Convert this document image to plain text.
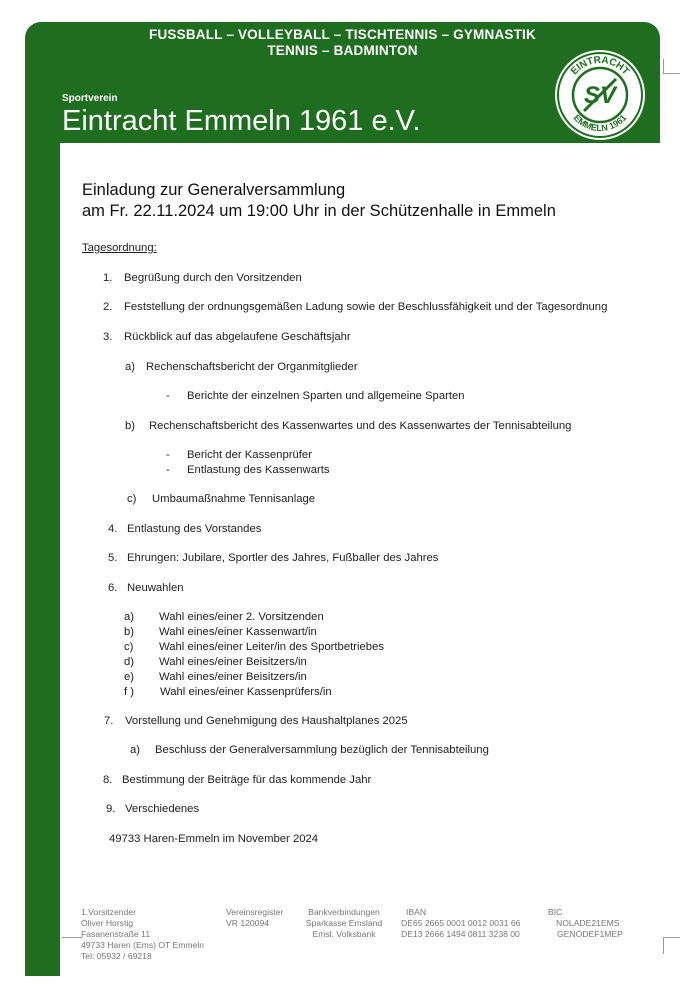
FUSSBALL – VOLLEYBALL – TISCHTENNIS – GYMNASTIK
TENNIS – BADMINTON
Sportverein
Eintracht Emmeln 1961 e.V.
EINTRACHT
EMMELN 1961
SV
Einladung zur Generalversammlung
am Fr. 22.11.2024 um 19:00 Uhr in der Schützenhalle in Emmeln
Tagesordnung:
1. Begrüßung durch den Vorsitzenden
2. Feststellung der ordnungsgemäßen Ladung sowie der Beschlussfähigkeit und der Tagesordnung
3. Rückblick auf das abgelaufene Geschäftsjahr
a) Rechenschaftsbericht der Organmitglieder
- Berichte der einzelnen Sparten und allgemeine Sparten
b) Rechenschaftsbericht des Kassenwartes und des Kassenwartes der Tennisabteilung
- Bericht der Kassenprüfer
- Entlastung des Kassenwarts
c) Umbaumaßnahme Tennisanlage
4. Entlastung des Vorstandes
5. Ehrungen: Jubilare, Sportler des Jahres, Fußballer des Jahres
6. Neuwahlen
a) Wahl eines/einer 2. Vorsitzenden
b) Wahl eines/einer Kassenwart/in
c) Wahl eines/einer Leiter/in des Sportbetriebes
d) Wahl eines/einer Beisitzers/in
e) Wahl eines/einer Beisitzers/in
f ) Wahl eines/einer Kassenprüfers/in
7. Vorstellung und Genehmigung des Haushaltplanes 2025
a) Beschluss der Generalversammlung bezüglich der Tennisabteilung
8. Bestimmung der Beiträge für das kommende Jahr
9. Verschiedenes
49733 Haren-Emmeln im November 2024
1.Vorsitzender
Oliver Horstig
Fasanenstraße 11
49733 Haren (Ems) OT Emmeln
Tel: 05932 / 69218
Vereinsregister
VR 120094
Bankverbindungen
Sparkasse Emsland
Emsl. Volksbank
IBAN
DE65 2665 0001 0012 0031 66
DE13 2666 1494 0811 3238 00
BIC
NOLADE21EMS
GENODEF1MEP
